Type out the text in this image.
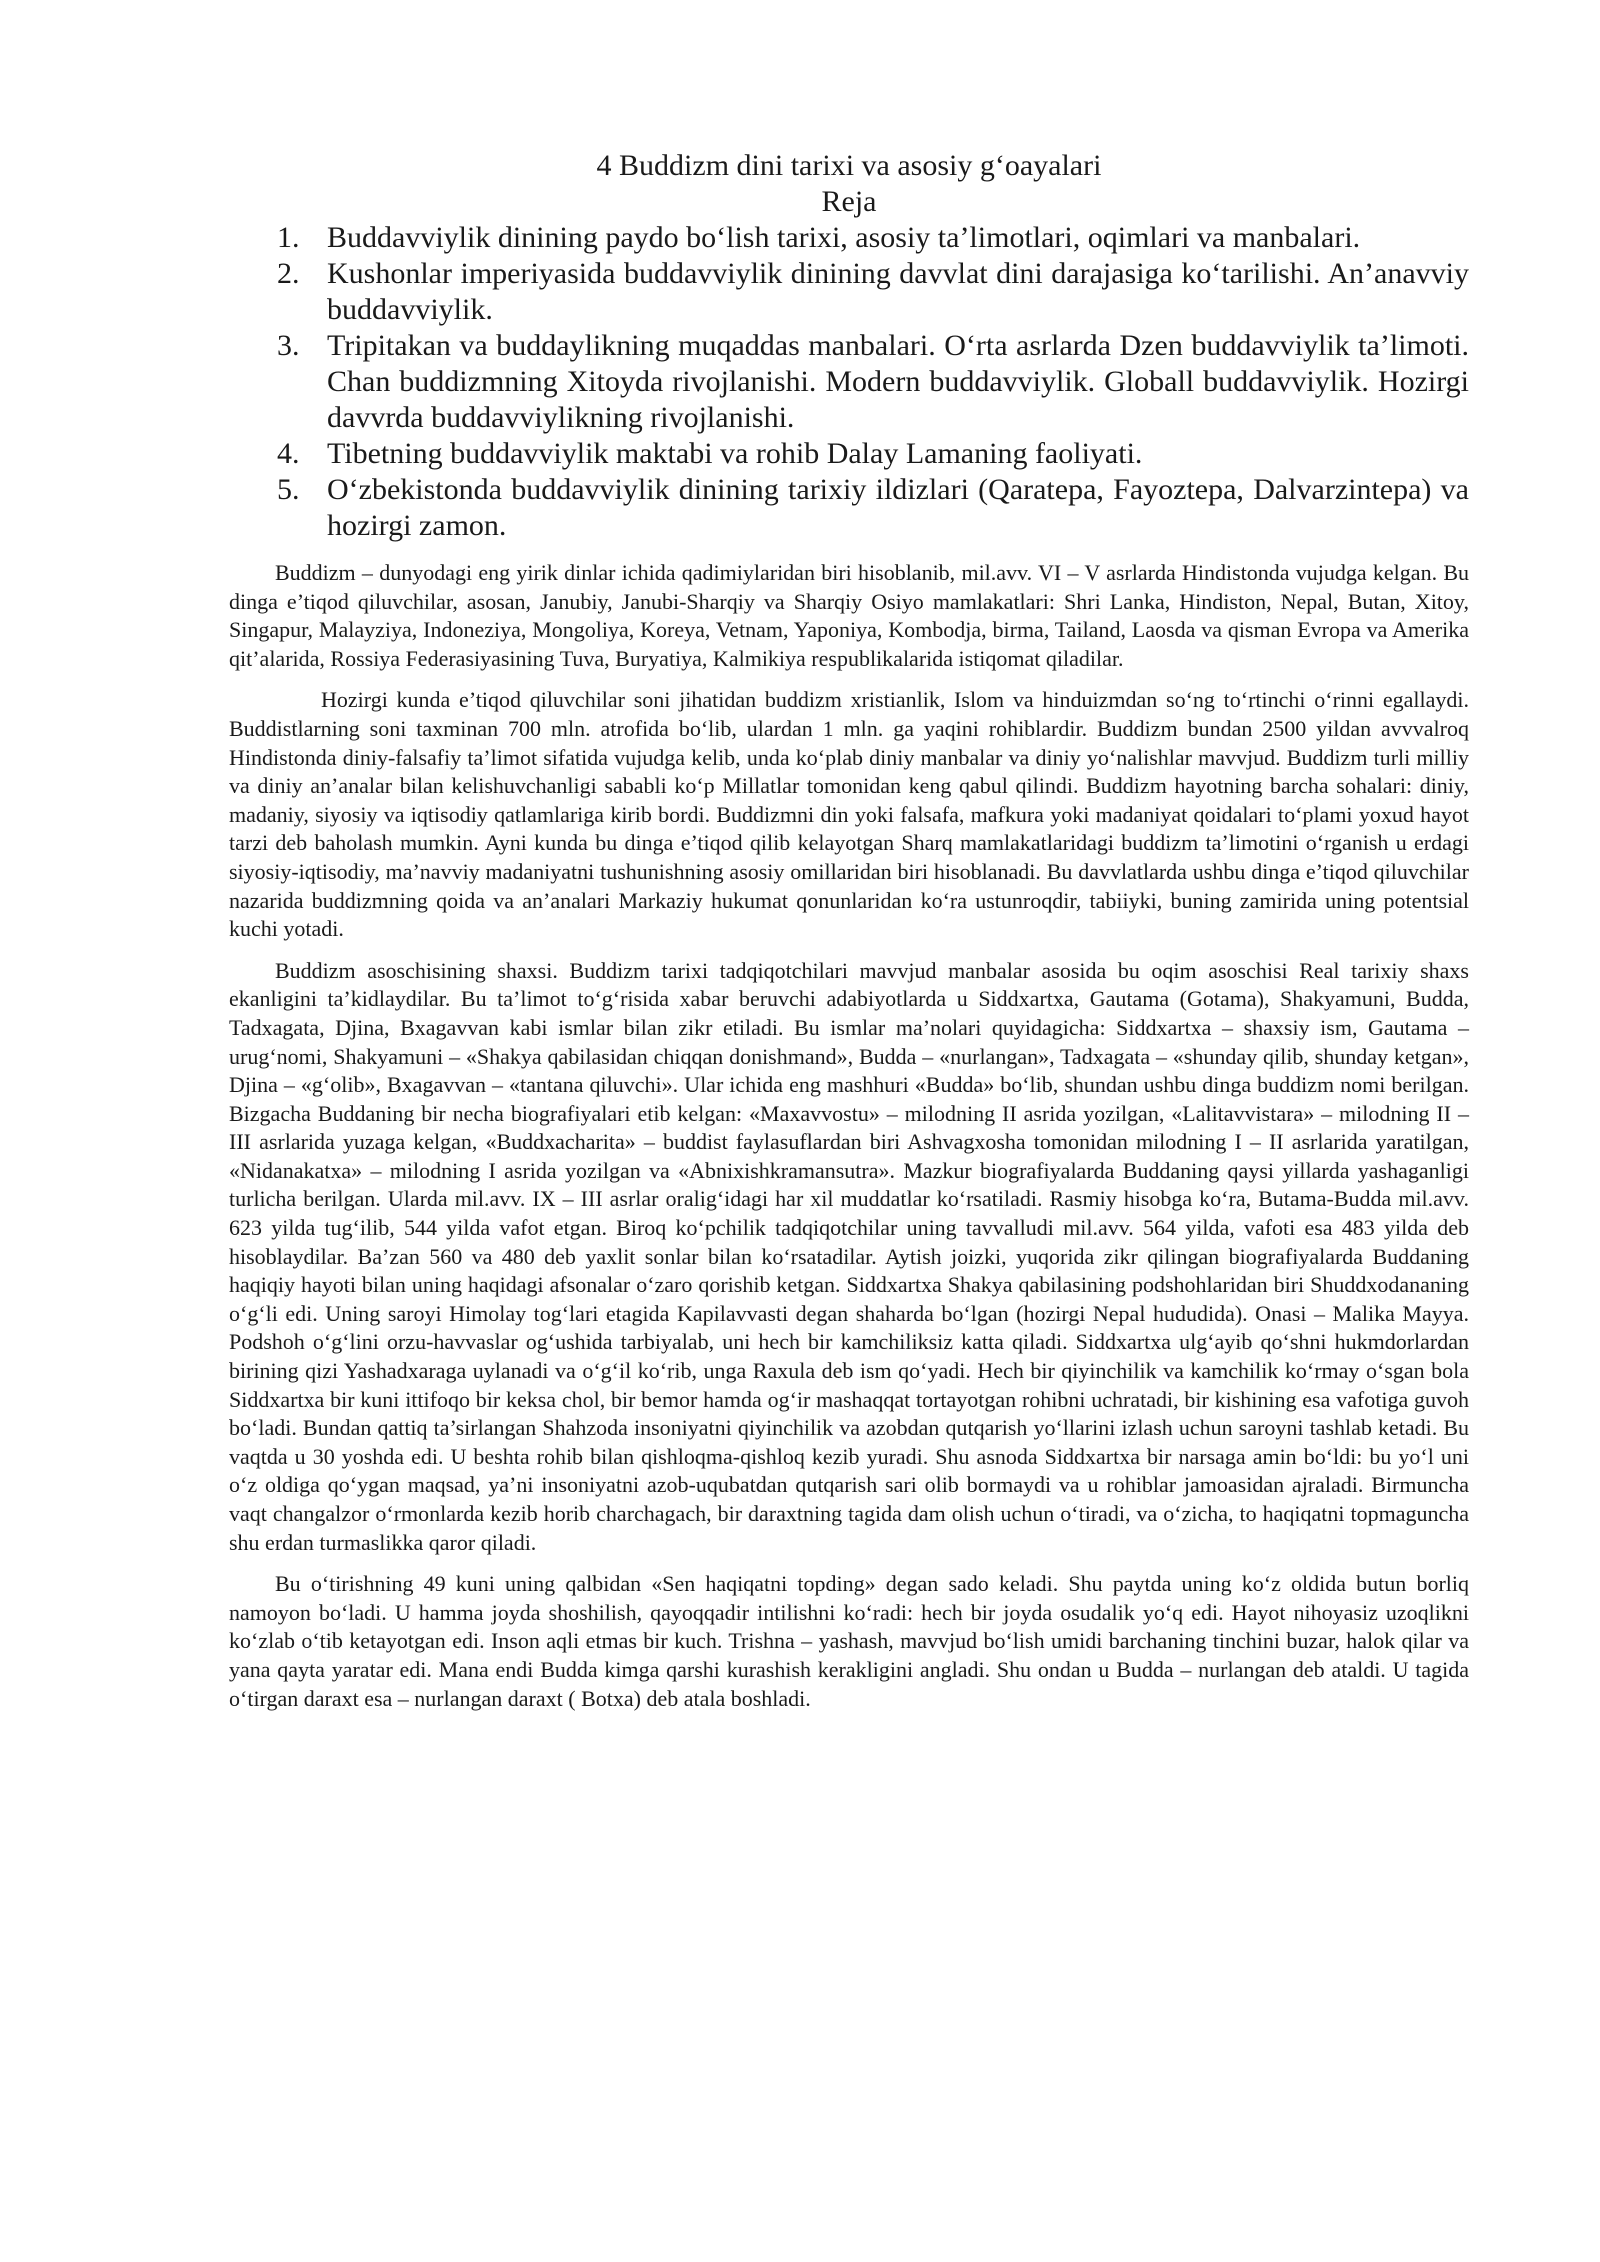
4 Buddizm dini tarixi va asosiy g‘oayalari
Reja
1. Buddavviylik dinining paydo bo‘lish tarixi, asosiy ta’limotlari, oqimlari va manbalari.
2. Kushonlar imperiyasida buddavviylik dinining davvlat dini darajasiga ko‘tarilishi. An’anavviy buddavviylik.
3. Tripitakan va buddaylikning muqaddas manbalari. O‘rta asrlarda Dzen buddavviylik ta’limoti. Chan buddizmning Xitoyda rivojlanishi. Modern buddavviylik. Globall buddavviylik. Hozirgi davvrda buddavviylikning rivojlanishi.
4. Tibetning buddavviylik maktabi va rohib Dalay Lamaning faoliyati.
5. O‘zbekistonda buddavviylik dinining tarixiy ildizlari (Qaratepa, Fayoztepa, Dalvarzintepa) va hozirgi zamon.

Buddizm – dunyodagi eng yirik dinlar ichida qadimiylaridan biri hisoblanib, mil.avv. VI – V asrlarda Hindistonda vujudga kelgan. Bu dinga e’tiqod qiluvchilar, asosan, Janubiy, Janubi-Sharqiy va Sharqiy Osiyo mamlakatlari: Shri Lanka, Hindiston, Nepal, Butan, Xitoy, Singapur, Malayziya, Indoneziya, Mongoliya, Koreya, Vetnam, Yaponiya, Kombodja, birma, Tailand, Laosda va qisman Evropa va Amerika qit’alarida, Rossiya Federasiyasining Tuva, Buryatiya, Kalmikiya respublikalarida istiqomat qiladilar.

Hozirgi kunda e’tiqod qiluvchilar soni jihatidan buddizm xristianlik, Islom va hinduizmdan so‘ng to‘rtinchi o‘rinni egallaydi. Buddistlarning soni taxminan 700 mln. atrofida bo‘lib, ulardan 1 mln. ga yaqini rohiblardir. Buddizm bundan 2500 yildan avvvalroq Hindistonda diniy-falsafiy ta’limot sifatida vujudga kelib, unda ko‘plab diniy manbalar va diniy yo‘nalishlar mavvjud. Buddizm turli milliy va diniy an’analar bilan kelishuvchanligi sababli ko‘p Millatlar tomonidan keng qabul qilindi. Buddizm hayotning barcha sohalari: diniy, madaniy, siyosiy va iqtisodiy qatlamlariga kirib bordi. Buddizmni din yoki falsafa, mafkura yoki madaniyat qoidalari to‘plami yoxud hayot tarzi deb baholash mumkin. Ayni kunda bu dinga e’tiqod qilib kelayotgan Sharq mamlakatlaridagi buddizm ta’limotini o‘rganish u erdagi siyosiy-iqtisodiy, ma’navviy madaniyatni tushunishning asosiy omillaridan biri hisoblanadi. Bu davvlatlarda ushbu dinga e’tiqod qiluvchilar nazarida buddizmning qoida va an’analari Markaziy hukumat qonunlaridan ko‘ra ustunroqdir, tabiiyki, buning zamirida uning potentsial kuchi yotadi.

Buddizm asoschisining shaxsi. Buddizm tarixi tadqiqotchilari mavvjud manbalar asosida bu oqim asoschisi Real tarixiy shaxs ekanligini ta’kidlaydilar. Bu ta’limot to‘g‘risida xabar beruvchi adabiyotlarda u Siddxartxa, Gautama (Gotama), Shakyamuni, Budda, Tadxagata, Djina, Bxagavvan kabi ismlar bilan zikr etiladi. Bu ismlar ma’nolari quyidagicha: Siddxartxa – shaxsiy ism, Gautama – urug‘nomi, Shakyamuni – «Shakya qabilasidan chiqqan donishmand», Budda – «nurlangan», Tadxagata – «shunday qilib, shunday ketgan», Djina – «g‘olib», Bxagavvan – «tantana qiluvchi». Ular ichida eng mashhuri «Budda» bo‘lib, shundan ushbu dinga buddizm nomi berilgan. Bizgacha Buddaning bir necha biografiyalari etib kelgan: «Maxavvostu» – milodning II asrida yozilgan, «Lalitavvistara» – milodning II – III asrlarida yuzaga kelgan, «Buddxacharita» – buddist faylasuflardan biri Ashvagxosha tomonidan milodning I – II asrlarida yaratilgan, «Nidanakatxa» – milodning I asrida yozilgan va «Abnixishkramansutra». Mazkur biografiyalarda Buddaning qaysi yillarda yashaganligi turlicha berilgan. Ularda mil.avv. IX – III asrlar oralig‘idagi har xil muddatlar ko‘rsatiladi. Rasmiy hisobga ko‘ra, Butama-Budda mil.avv. 623 yilda tug‘ilib, 544 yilda vafot etgan. Biroq ko‘pchilik tadqiqotchilar uning tavvalludi mil.avv. 564 yilda, vafoti esa 483 yilda deb hisoblaydilar. Ba’zan 560 va 480 deb yaxlit sonlar bilan ko‘rsatadilar. Aytish joizki, yuqorida zikr qilingan biografiyalarda Buddaning haqiqiy hayoti bilan uning haqidagi afsonalar o‘zaro qorishib ketgan. Siddxartxa Shakya qabilasining podshohlaridan biri Shuddxodananing o‘g‘li edi. Uning saroyi Himolay tog‘lari etagida Kapilavvasti degan shaharda bo‘lgan (hozirgi Nepal hududida). Onasi – Malika Mayya. Podshoh o‘g‘lini orzu-havvaslar og‘ushida tarbiyalab, uni hech bir kamchiliksiz katta qiladi. Siddxartxa ulg‘ayib qo‘shni hukmdorlardan birining qizi Yashadxaraga uylanadi va o‘g‘il ko‘rib, unga Raxula deb ism qo‘yadi. Hech bir qiyinchilik va kamchilik ko‘rmay o‘sgan bola Siddxartxa bir kuni ittifoqo bir keksa chol, bir bemor hamda og‘ir mashaqqat tortayotgan rohibni uchratadi, bir kishining esa vafotiga guvoh bo‘ladi. Bundan qattiq ta’sirlangan Shahzoda insoniyatni qiyinchilik va azobdan qutqarish yo‘llarini izlash uchun saroyni tashlab ketadi. Bu vaqtda u 30 yoshda edi. U beshta rohib bilan qishloqma-qishloq kezib yuradi. Shu asnoda Siddxartxa bir narsaga amin bo‘ldi: bu yo‘l uni o‘z oldiga qo‘ygan maqsad, ya’ni insoniyatni azob-uqubatdan qutqarish sari olib bormaydi va u rohiblar jamoasidan ajraladi. Birmuncha vaqt changalzor o‘rmonlarda kezib horib charchagach, bir daraxtning tagida dam olish uchun o‘tiradi, va o‘zicha, to haqiqatni topmaguncha shu erdan turmaslikka qaror qiladi.

Bu o‘tirishning 49 kuni uning qalbidan «Sen haqiqatni topding» degan sado keladi. Shu paytda uning ko‘z oldida butun borliq namoyon bo‘ladi. U hamma joyda shoshilish, qayoqqadir intilishni ko‘radi: hech bir joyda osudalik yo‘q edi. Hayot nihoyasiz uzoqlikni ko‘zlab o‘tib ketayotgan edi. Inson aqli etmas bir kuch. Trishna – yashash, mavvjud bo‘lish umidi barchaning tinchini buzar, halok qilar va yana qayta yaratar edi. Mana endi Budda kimga qarshi kurashish kerakligini angladi. Shu ondan u Budda – nurlangan deb ataldi. U tagida o‘tirgan daraxt esa – nurlangan daraxt ( Botxa) deb atala boshladi.
